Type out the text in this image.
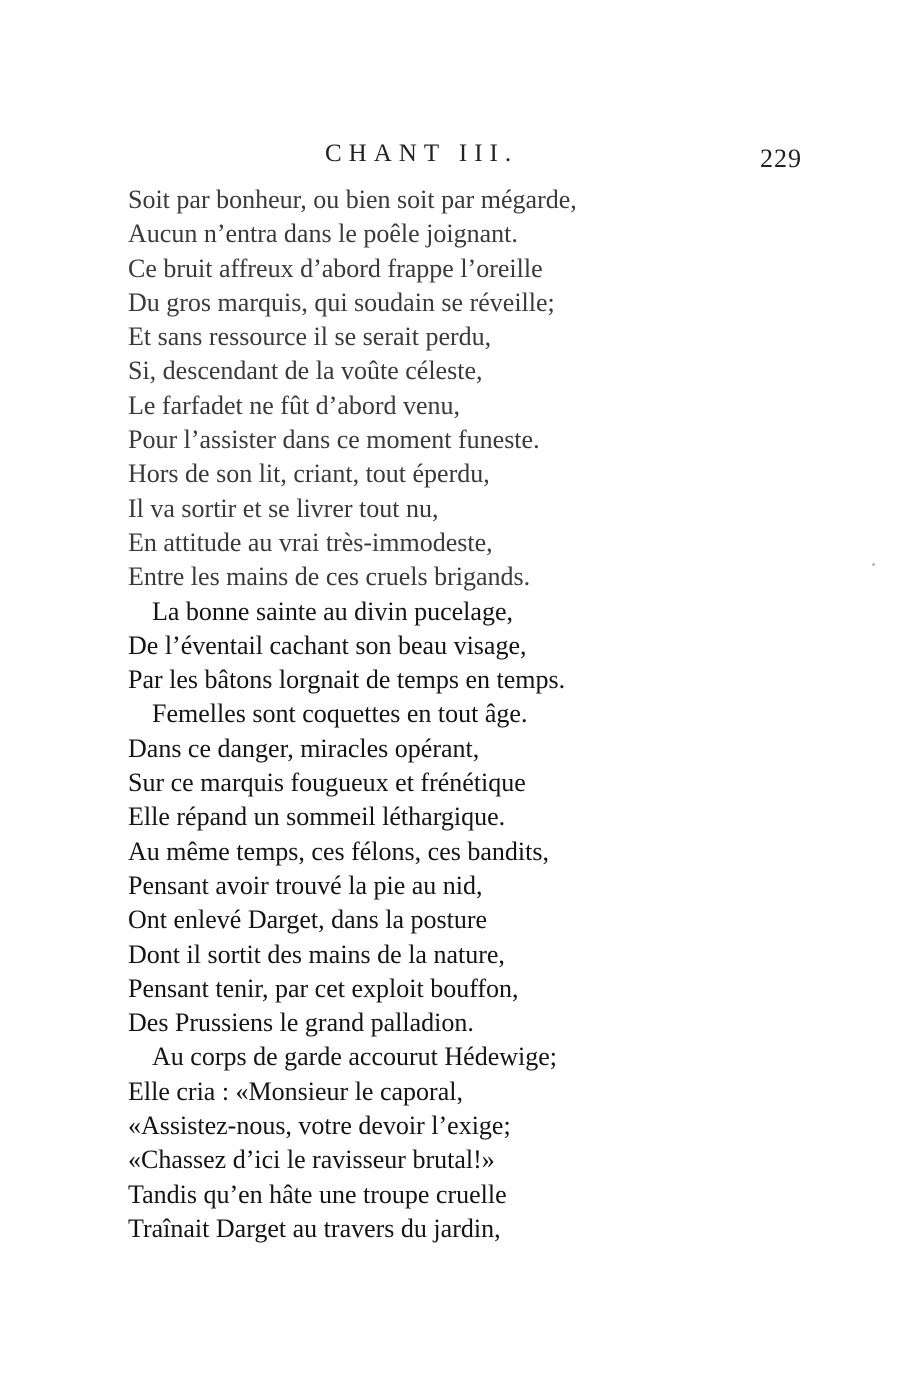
CHANT III.	229
Soit par bonheur, ou bien soit par mégarde,
Aucun n’entra dans le poêle joignant.
Ce bruit affreux d’abord frappe l’oreille
Du gros marquis, qui soudain se réveille;
Et sans ressource il se serait perdu,
Si, descendant de la voûte céleste,
Le farfadet ne fût d’abord venu,
Pour l’assister dans ce moment funeste.
Hors de son lit, criant, tout éperdu,
Il va sortir et se livrer tout nu,
En attitude au vrai très-immodeste,
Entre les mains de ces cruels brigands.
La bonne sainte au divin pucelage,
De l’éventail cachant son beau visage,
Par les bâtons lorgnait de temps en temps.
Femelles sont coquettes en tout âge.
Dans ce danger, miracles opérant,
Sur ce marquis fougueux et frénétique
Elle répand un sommeil léthargique.
Au même temps, ces félons, ces bandits,
Pensant avoir trouvé la pie au nid,
Ont enlevé Darget, dans la posture
Dont il sortit des mains de la nature,
Pensant tenir, par cet exploit bouffon,
Des Prussiens le grand palladion.
Au corps de garde accourut Hédewige;
Elle cria : «Monsieur le caporal,
«Assistez-nous, votre devoir l’exige;
«Chassez d’ici le ravisseur brutal!»
Tandis qu’en hâte une troupe cruelle
Traînait Darget au travers du jardin,
